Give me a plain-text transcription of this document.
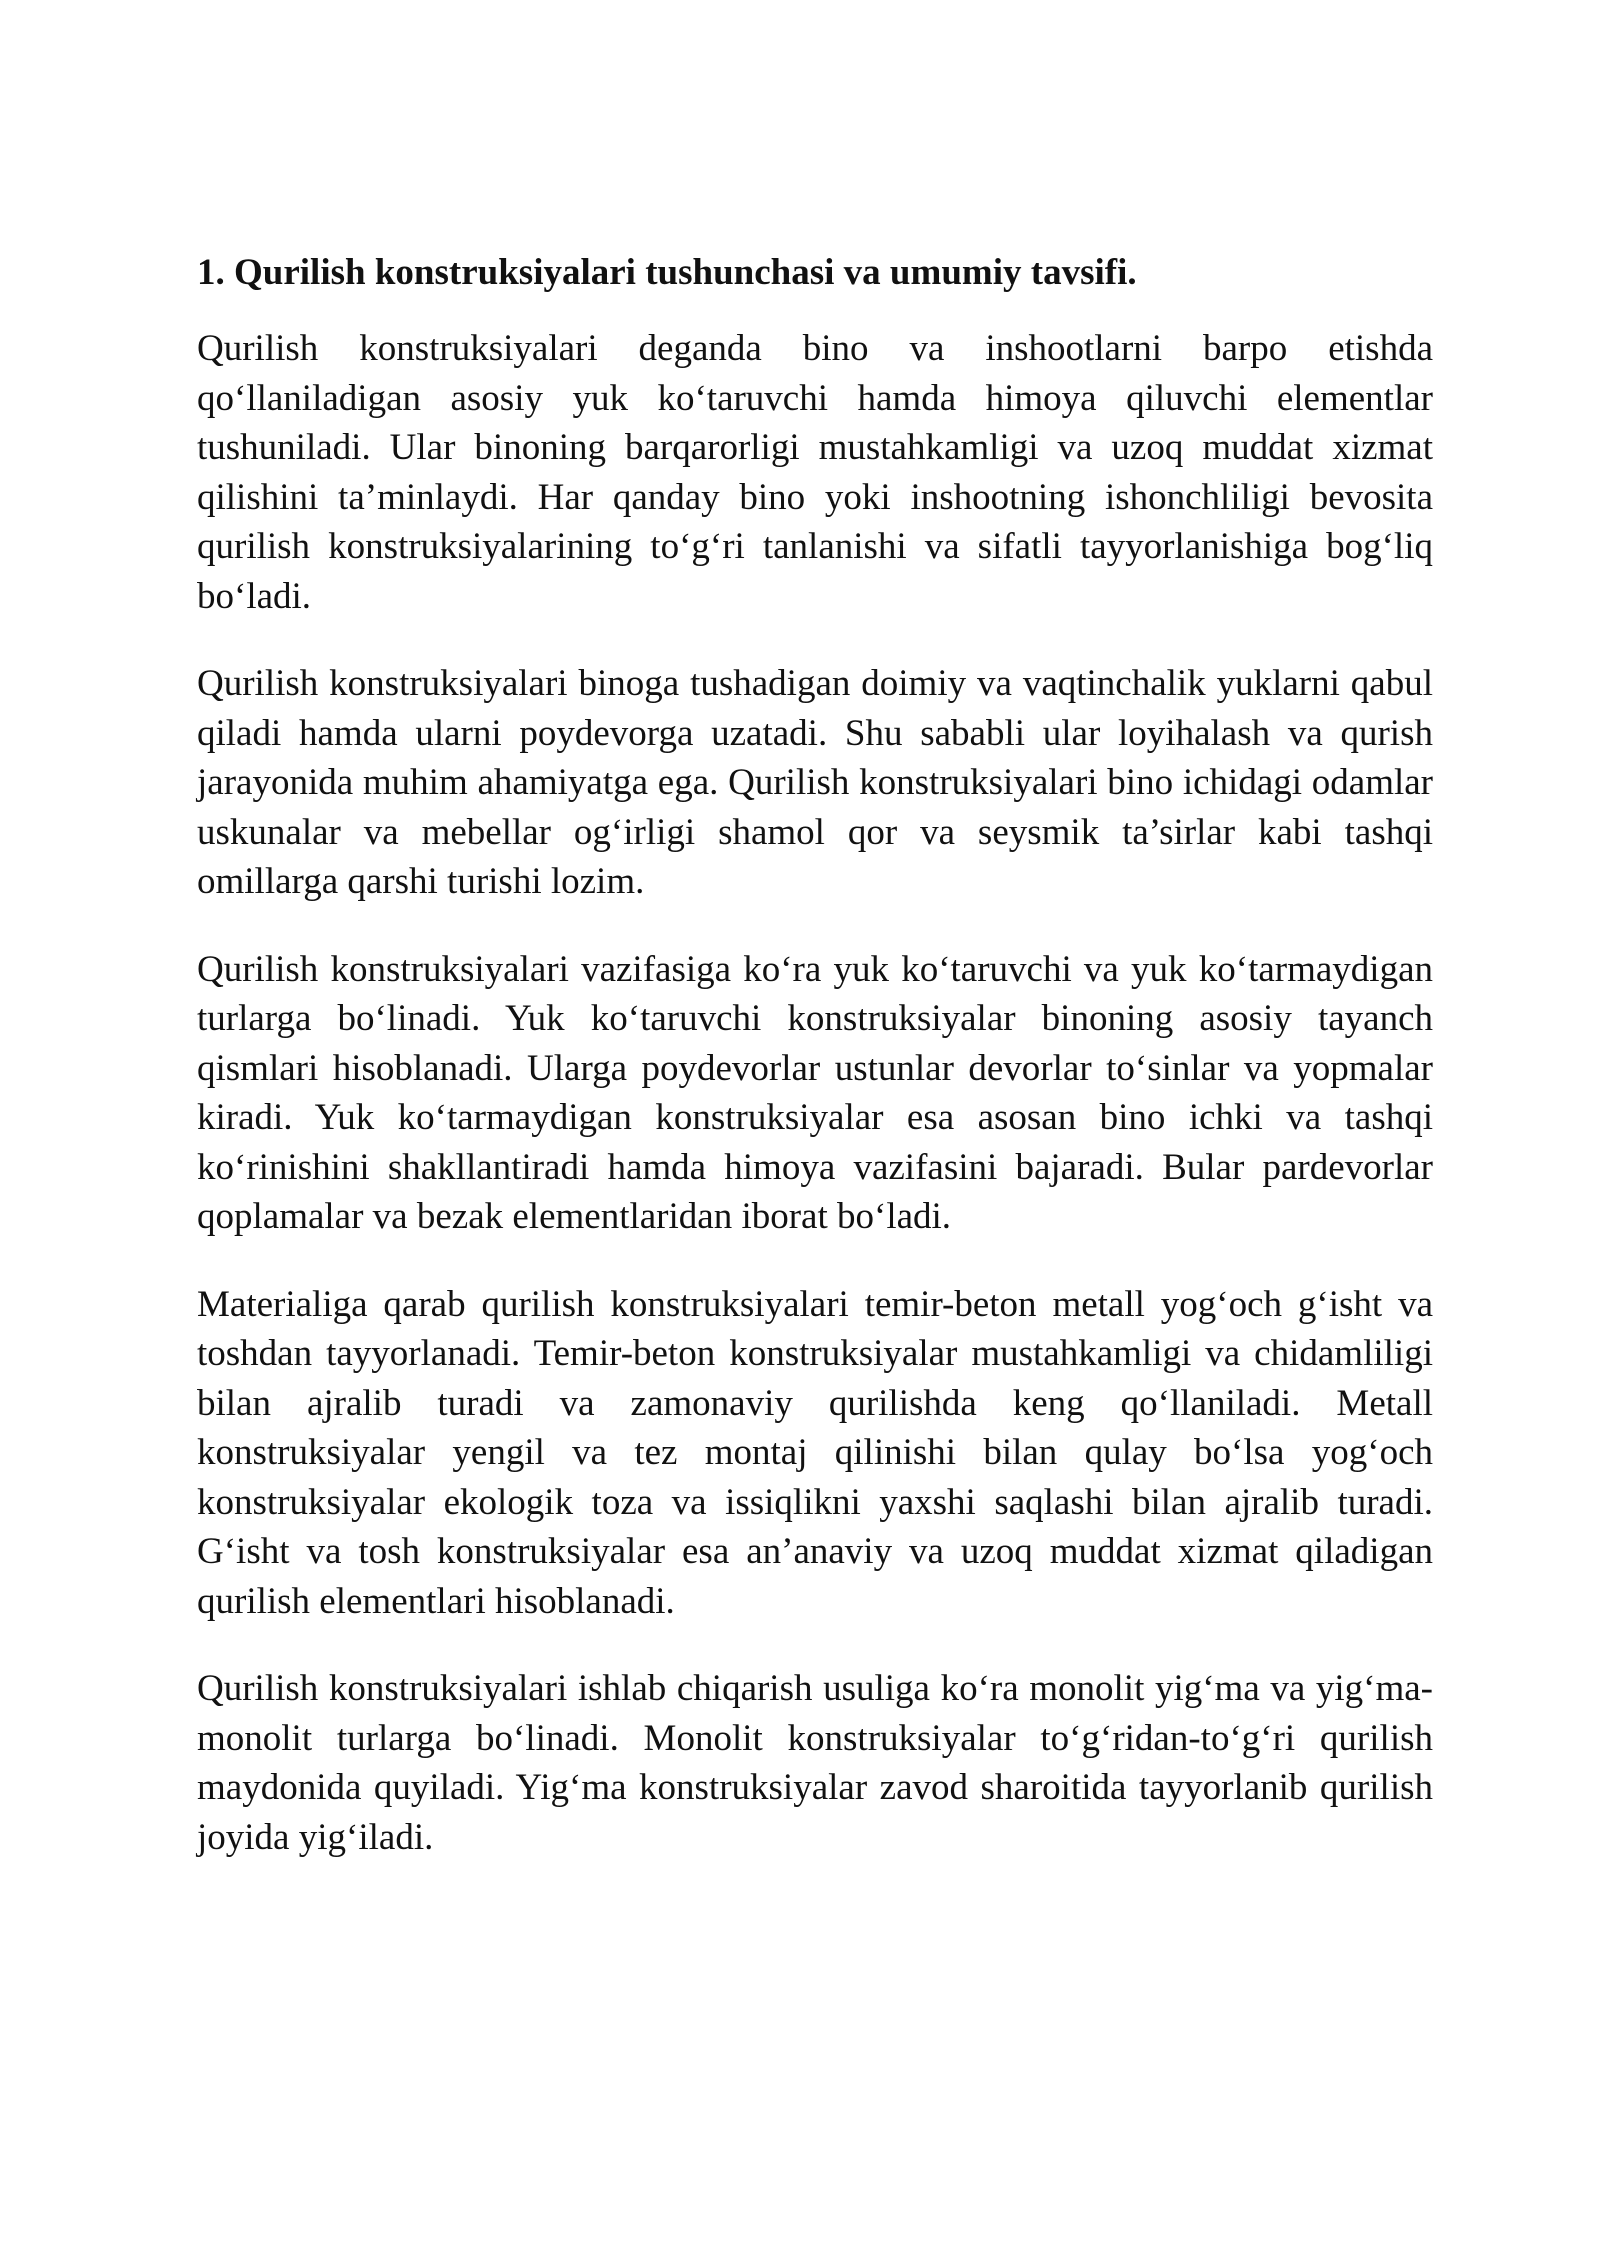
1. Qurilish konstruksiyalari tushunchasi va umumiy tavsifi.

Qurilish konstruksiyalari deganda bino va inshootlarni barpo etishda qo‘llaniladigan asosiy yuk ko‘taruvchi hamda himoya qiluvchi elementlar tushuniladi. Ular binoning barqarorligi mustahkamligi va uzoq muddat xizmat qilishini ta’minlaydi. Har qanday bino yoki inshootning ishonchliligi bevosita qurilish konstruksiyalarining to‘g‘ri tanlanishi va sifatli tayyorlanishiga bog‘liq bo‘ladi.

Qurilish konstruksiyalari binoga tushadigan doimiy va vaqtinchalik yuklarni qabul qiladi hamda ularni poydevorga uzatadi. Shu sababli ular loyihalash va qurish jarayonida muhim ahamiyatga ega. Qurilish konstruksiyalari bino ichidagi odamlar uskunalar va mebellar og‘irligi shamol qor va seysmik ta’sirlar kabi tashqi omillarga qarshi turishi lozim.

Qurilish konstruksiyalari vazifasiga ko‘ra yuk ko‘taruvchi va yuk ko‘tarmaydigan turlarga bo‘linadi. Yuk ko‘taruvchi konstruksiyalar binoning asosiy tayanch qismlari hisoblanadi. Ularga poydevorlar ustunlar devorlar to‘sinlar va yopmalar kiradi. Yuk ko‘tarmaydigan konstruksiyalar esa asosan bino ichki va tashqi ko‘rinishini shakllantiradi hamda himoya vazifasini bajaradi. Bular pardevorlar qoplamalar va bezak elementlaridan iborat bo‘ladi.

Materialiga qarab qurilish konstruksiyalari temir-beton metall yog‘och g‘isht va toshdan tayyorlanadi. Temir-beton konstruksiyalar mustahkamligi va chidamliligi bilan ajralib turadi va zamonaviy qurilishda keng qo‘llaniladi. Metall konstruksiyalar yengil va tez montaj qilinishi bilan qulay bo‘lsa yog‘och konstruksiyalar ekologik toza va issiqlikni yaxshi saqlashi bilan ajralib turadi. G‘isht va tosh konstruksiyalar esa an’anaviy va uzoq muddat xizmat qiladigan qurilish elementlari hisoblanadi.

Qurilish konstruksiyalari ishlab chiqarish usuliga ko‘ra monolit yig‘ma va yig‘ma-monolit turlarga bo‘linadi. Monolit konstruksiyalar to‘g‘ridan-to‘g‘ri qurilish maydonida quyiladi. Yig‘ma konstruksiyalar zavod sharoitida tayyorlanib qurilish joyida yig‘iladi.
